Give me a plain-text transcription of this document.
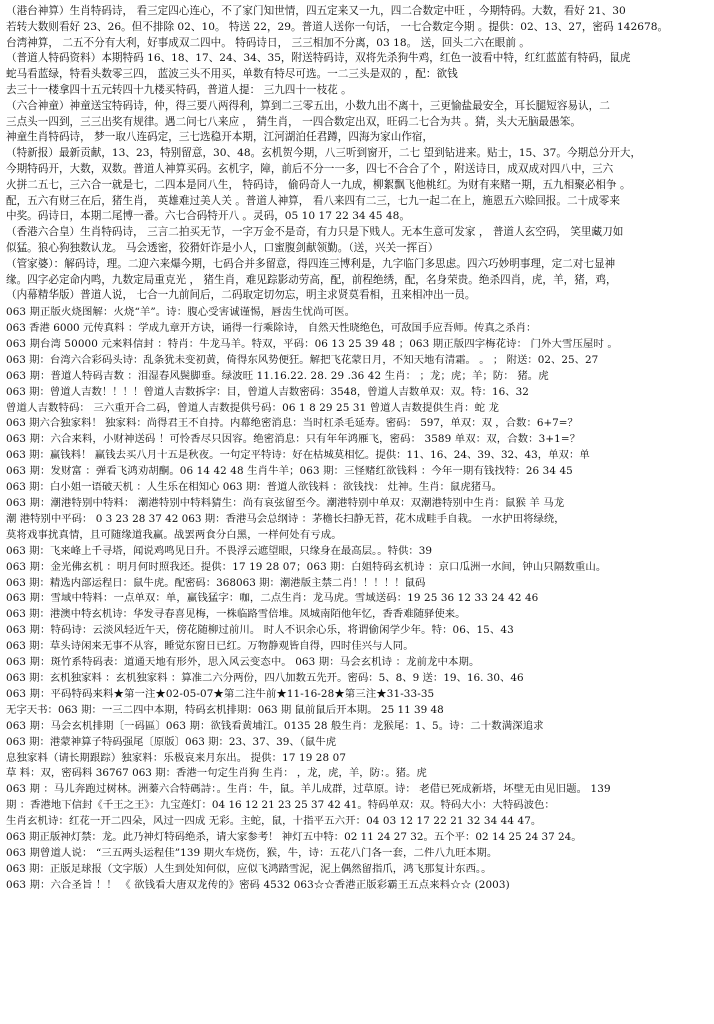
（港台神算）生肖特码诗， 看三定四心连心，不了家门知世情，四五定来又一九，四二合数定中旺 ，今期特码。大数，看好 21、30
若转大数则看好 23、26。但不排除 02、10。 特送 22，29。普道人送你一句话， 一七合数定今期 。提供：02、13、27，密码 142678。
台湾神算， 二五不分有大利，好事成双二四中。 特码诗日， 三三相加不分离，03 18。 送，回头二六在眼前 。
（普道人特码资料）本期特码 16、18、17、24、34、35，附送特码诗，双将先杀狗牛鸡，红色一波看中特，红红蓝蓝有特码，鼠虎
蛇马看蓝绿，特看头数零三四， 蓝波三头不用买，单数有特尽可选。一二三头是双的 ，配：欲钱
去三十一楼拿四十五元转四十九楼买特码，普道人提： 三九四十一枝花 。
（六合神童）神童送宝特码诗，仲，得三要八两得利，算到二三零五出，小数九出不离十，三更愉盐最安全，耳长腿短容易认，二
三点头一四到，三三出奖有规律。遇二问七八来应 ， 猜生肖， 一四合数定出双，旺码二七合为共 。猜，头大无脑最愚笨。
神童生肖特码诗， 梦一取八连码定，三七选稳开本期，江河湖泊任君蹲，四海为家山作宿，
（特新报）最新贡献，13、23，特别留意，30、48。玄机贺今期，八三听到窗开，二七 望到钻进来。贴士，15、37。今期总分开大，
今期特码开，大数，双数。普道人神算买码。玄机字，障，前后不分一一多，四七不合合了个 ，附送诗日，成双成对四八中，三六
火拼二五七，三六合一就是七，二四本是同八生， 特码诗， 偷码奇人一九成，柳絮飘飞他桃红。为财有来赌一期，五九相聚必相争 。
配，五六有财三在后，猪生肖， 英雄难过美人关 。普道人神算， 看八来四有二三，七九一起二在上，施恩五六赊回报。二十成零来
中奖。码诗日，本期二尾博一番。六七合码特开八 。灵码，05 10 17 22 34 45 48。
（香港六合皇）生肖特码诗， 三言二拍买无节，一字万金不是奇，有力只是下贱人。无本生意可发家 ， 普道人玄空码， 笑里藏刀如
似猛。狼心狗独数认龙。 马会透密，狡猾奸诈是小人，口蜜腹剑献领勤。（送，兴关一挥百）
（管家婆）：解码诗，理。二迎六来爆今期，七码合并多留意，得四连三博利是，九字临门多思虑。四六巧妙明事理，定二对七显神
缘。四字必定命内鸣，九数定局重克光 ， 猪生肖，难见踪影动劳高，配，前程绝绣，配，名身荣贵。绝杀四肖，虎，羊，猪，鸡，
（内幕精华版）普道人说， 七合一九前间后，二码取定切勿忘，明主求贤莫看相，丑来相冲出一员。
063 期正版火烧图解：火烧“羊”。诗：腹心受害诚谨惕，唇齿生忧尚可医。
063 香港 6000 元传真料 ：学成九章开方诀，诵得一行乘除诗， 自然天性晓绝色，可敌国手应吾师。传真之杀肖：
063 期台湾 50000 元来料信封 ：特肖：牛龙马羊。特双，平码：06 13 25 39 48 ；063 期正版四字梅花诗： 门外大雪压屋时 。
063 期：台湾六合彩码头诗：乱条犹未变初黄，倚得东风势便狂。解把飞花蒙日月，不知天地有清霜。 。 ； 附送：02、25、27
063 期：普道人特码吉数 ：泪湿春风鬓脚垂。绿波旺 11.16.22. 28. 29 .36 42 生肖： ；龙；虎；羊；防： 猪。虎
063 期：曾道人吉数！！！！曾道人吉数拆字：目，曾道人吉数密码：3548，曾道人吉数单双：双。特：16、32
曾道人吉数特码： 三六重开合二码，曾道人吉数提供号码：06 1 8 29 25 31 曾道人吉数提供生肖：蛇 龙
063 期六合独家料！ 独家料：尚得君王不自持。内幕绝密消息：当时杠杀毛延寿。密码： 597，单双：双 ，合数：6+7=？
063 期：六合来料，小财神送码 ！可怜香尽只因容。绝密消息：只有年年鸿雁飞，密码： 3589 单双：双，合数：3+1=？
063 期：赢钱料！ 赢钱去买八月十五是秋夜。一句定平特诗：好在枯城莫相忆。提供：11、16、24、39、32、43，单双：单
063 期：发财富 ：弹看飞鸿劝胡酮。06 14 42 48 生肖牛羊；063 期：三怪赌红欲钱料 ：今年一期有钱找特：26 34 45
063 期：白小姐一语破天机 ：人生乐在相知心 063 期：普道人欲钱料 ：欲钱找： 灶神。生肖：鼠虎猪马。
063 期：潮港特别中特料： 潮港特别中特料猜生：尚有哀弦留至今。潮港特别中单双：双潮港特别中生肖：鼠猴 羊 马龙
潮 港特别中平码： 0 3 23 28 37 42 063 期：香港马会总纲诗 ：茅檐长扫静无苔，花木成畦手自栽。 一水护田将绿绕，
莫将戏事扰真情，且可随缘道我赢。战罢两食分白黑，一样何处有亏成。
063 期：飞来峰上千寻塔，闻说鸡鸣见日升。不畏浮云遮望眼，只缘身在最高层。。特供：39
063 期：金光佛玄机 ：明月何时照我还。提供：17 19 28 07；063 期：白姐特码玄机诗 ：京口瓜洲一水间，钟山只隔数重山。
063 期：精选内部运程日：鼠牛虎。配密码：368063 期：潮港版主禁二肖！！！！！鼠码
063 期：雪域中特料：一点单双：单，赢钱猛字：咖，二点生肖：龙马虎。雪域送码：19 25 36 12 33 24 42 46
063 期：港澳中特玄机诗：华发寻春喜见梅，一株临路雪倍堆。凤城南陌他年忆，香香难随驿使来。
063 期：特码诗：云淡风轻近午天，傍花随柳过前川。 时人不识余心乐，将谓偷闲学少年。特：06、15、43
063 期：草头诗闲来无事不从容，睡觉东窗日已红。万物静观皆自得，四时佳兴与人同。
063 期：斑竹系特码表：道通天地有形外，思入风云变态中。 063 期：马会玄机诗 ：龙前龙中本期。
063 期：玄机独家料 ：玄机独家料 ：算准二六分两份，四八加数五先开。密码：5、8、9 送：19、16. 30、46
063 期：平码特码来料★第一注★02-05-07★第二注牛前★11-16-28★第三注★31-33-35
无字天书：063 期：一三二四中本期，特码玄机排期：063 期 鼠前鼠后开本期。 25 11 39 48
063 期：马会玄机排期〔一码區〕063 期：欲钱看黄埔江。0135 28 般生肖：龙猴尾：1、5。诗：二十数满深追求
063 期：港蒙神算子特码强尾〔原版〕063 期：23、37、39、（鼠牛虎
息独家料（请长期跟踪）独家料：乐极哀来月东出。 提供：17 19 28 07
草 料：双，密码料 36767 063 期：香港一句定生肖狗 生肖： ，龙，虎，羊，防：。猪。虎
063 期 ：马儿奔跑过树林。洲蓁六合特碼詩：。生肖：牛，鼠。羊儿成群，过草原。诗： 老借已死成新塔，坏壁无由见旧题。 139
期 ：香港地下信封《千王之王》：九宝莲灯：04 16 12 21 23 25 37 42 41。特码单双：双。特码大小：大特码波色：
生肖玄机诗：红花一开二四朵，风过一四成 无彩。主蛇，鼠，十指平五六开：04 03 12 17 22 21 32 34 44 47。
063 期正版神灯禁：龙。此乃神灯特码绝杀，请大家参考！ 神灯五中特：02 11 24 27 32。五个平：02 14 25 24 37 24。
063 期曾道人说： “三五两头运程佳”139 期火车烧伤，猴，牛，诗：五花八门各一套，二件八九旺本期。
063 期：正版足球报（文字版）人生到处知何似，应似飞鸿踏雪泥，泥上偶然留指爪，鸿飞那复计东西。。
063 期：六合圣旨 ！！ 《 欲钱看大唐双龙传的》密码 4532 063☆☆香港正版彩霸王五点来料☆☆ (2003)
